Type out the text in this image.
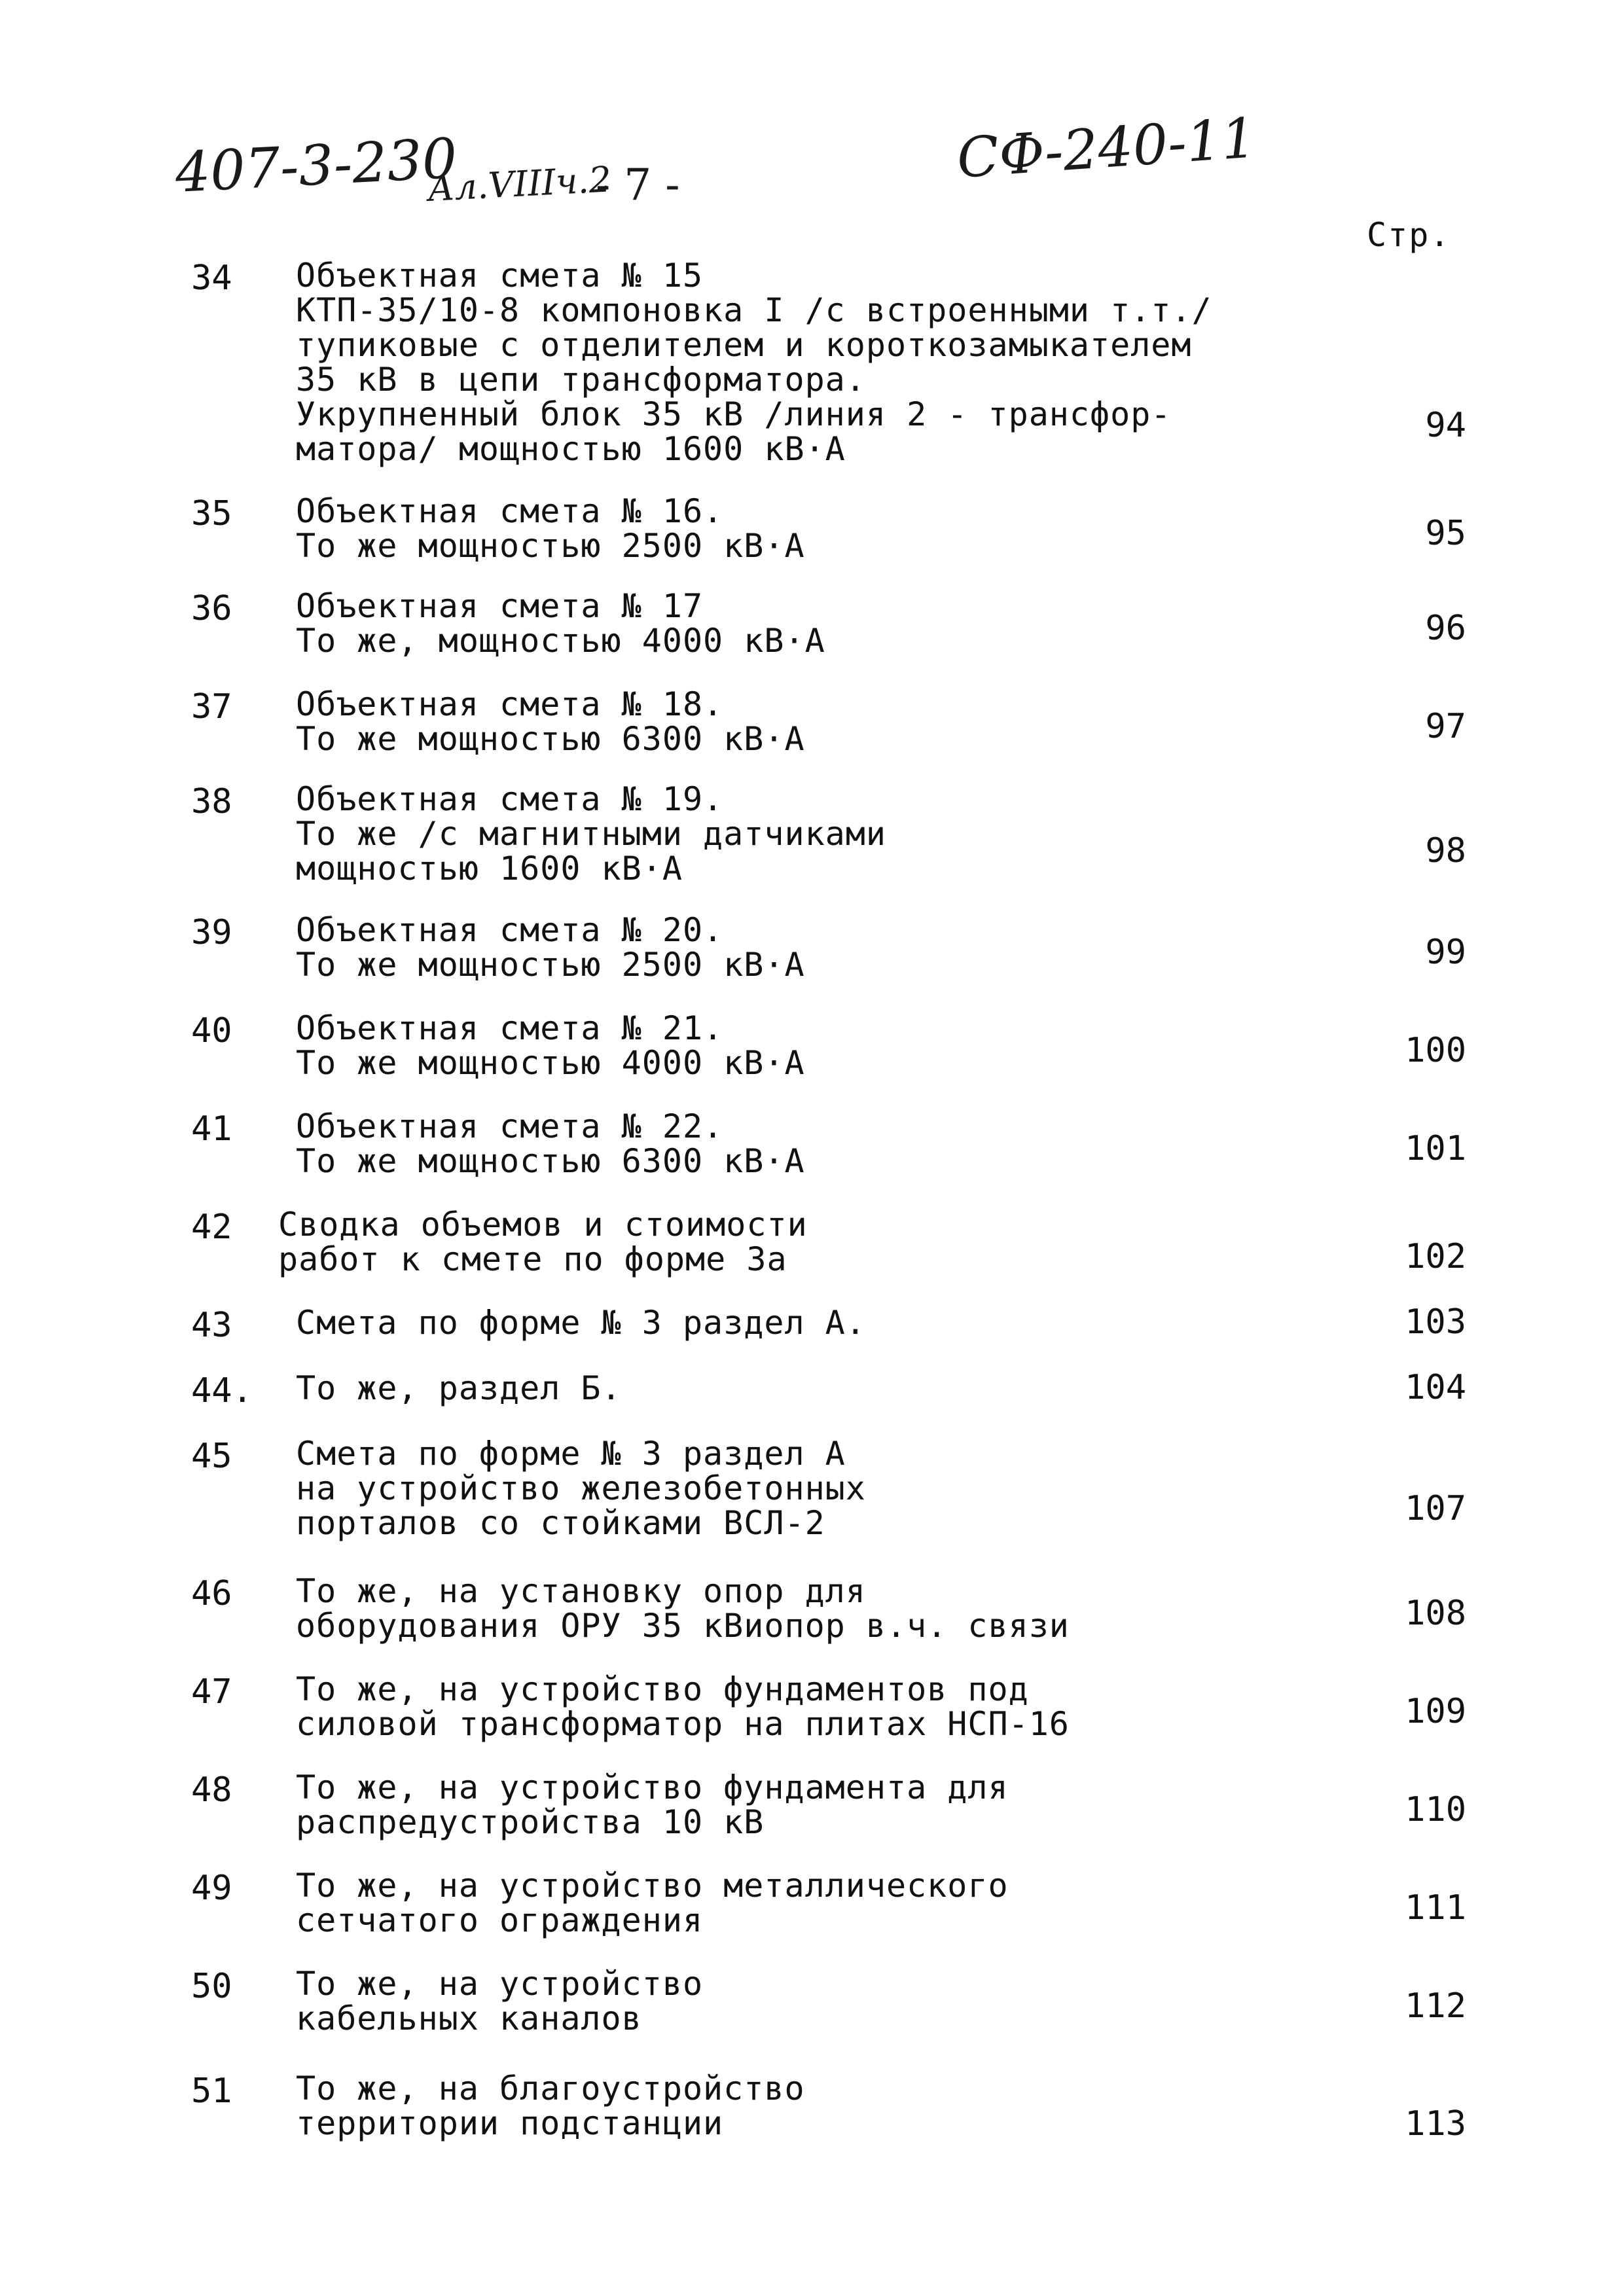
407-3-230
Ал.VIIIч.2
- 7 -	СФ-240-11
Стр.
34 Объектная смета № 15
КТП-35/10-8 компоновка I /с встроенными т.т./
тупиковые с отделителем и короткозамыкателем
35 кВ в цепи трансформатора.
Укрупненный блок 35 кВ /линия 2 - трансфор-
матора/ мощностью 1600 кВ·А
94
35 Объектная смета № 16.
То же мощностью 2500 кВ·А	95
36 Объектная смета № 17
То же, мощностью 4000 кВ·А	96
37 Объектная смета № 18.
То же мощностью 6300 кВ·А	97
38 Объектная смета № 19.
То же /с магнитными датчиками
мощностью 1600 кВ·А	98
39 Объектная смета № 20.
То же мощностью 2500 кВ·А	99
40 Объектная смета № 21.
То же мощностью 4000 кВ·А	100
41 Объектная смета № 22.
То же мощностью 6300 кВ·А	101
42 Сводка объемов и стоимости
работ к смете по форме 3а	102
43 Смета по форме № 3 раздел А.	103
44. То же, раздел Б.	104
45 Смета по форме № 3 раздел А
на устройство железобетонных
порталов со стойками ВСЛ-2	107
46 То же, на установку опор для
оборудования ОРУ 35 кВиопор в.ч. связи	108
47 То же, на устройство фундаментов под
силовой трансформатор на плитах НСП-16	109
48 То же, на устройство фундамента для
распредустройства 10 кВ	110
49 То же, на устройство металлического
сетчатого ограждения	111
50 То же, на устройство
кабельных каналов	112
51 То же, на благоустройство
территории подстанции	113
